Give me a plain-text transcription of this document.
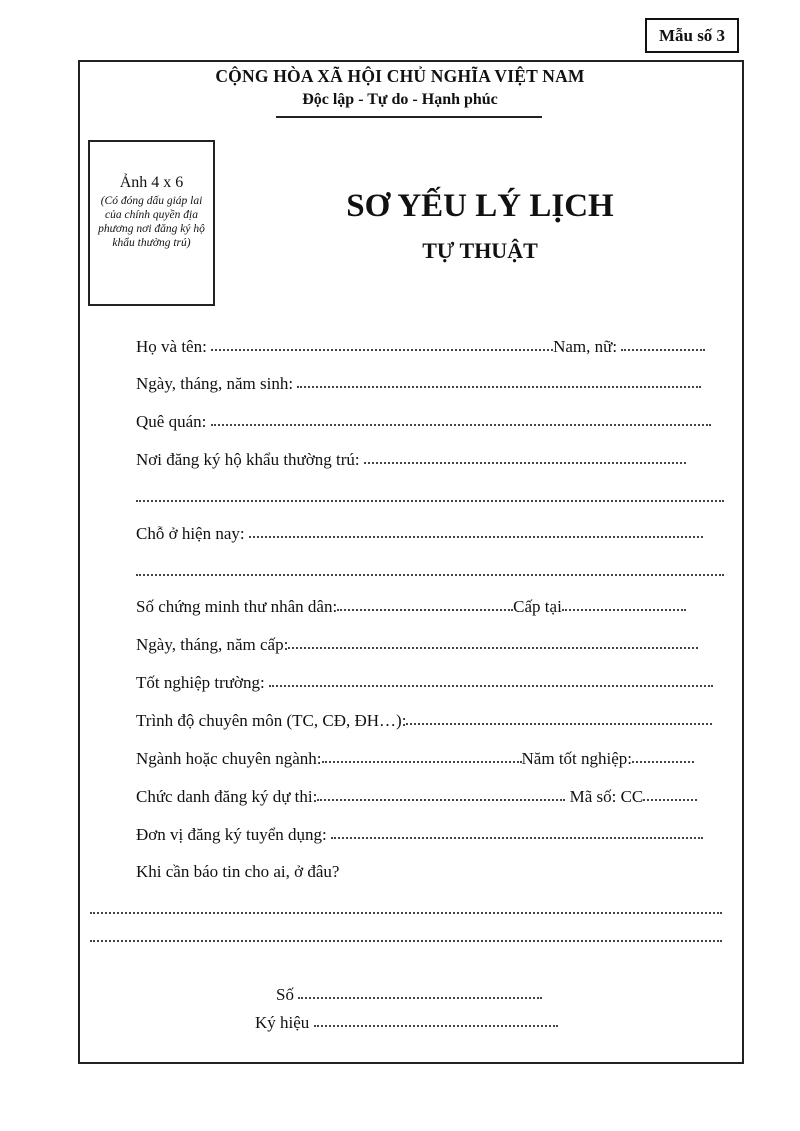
Mẫu số 3
CỘNG HÒA XÃ HỘI CHỦ NGHĨA VIỆT NAM
Độc lập - Tự do - Hạnh phúc
Ảnh 4 x 6
(Có đóng dấu giáp lai của chính quyền địa phương nơi đăng ký hộ khẩu thường trú)
SƠ YẾU LÝ LỊCH
TỰ THUẬT
Họ và tên:	Nam, nữ:
Ngày, tháng, năm sinh:
Quê quán:
Nơi đăng ký hộ khẩu thường trú:
Chỗ ở hiện nay:
Số chứng minh thư nhân dân:	Cấp tại
Ngày, tháng, năm cấp:
Tốt nghiệp trường:
Trình độ chuyên môn (TC, CĐ, ĐH…):
Ngành hoặc chuyên ngành:	Năm tốt nghiệp:
Chức danh đăng ký dự thi:	Mã số: CC
Đơn vị đăng ký tuyển dụng:
Khi cần báo tin cho ai, ở đâu?
Số
Ký hiệu
